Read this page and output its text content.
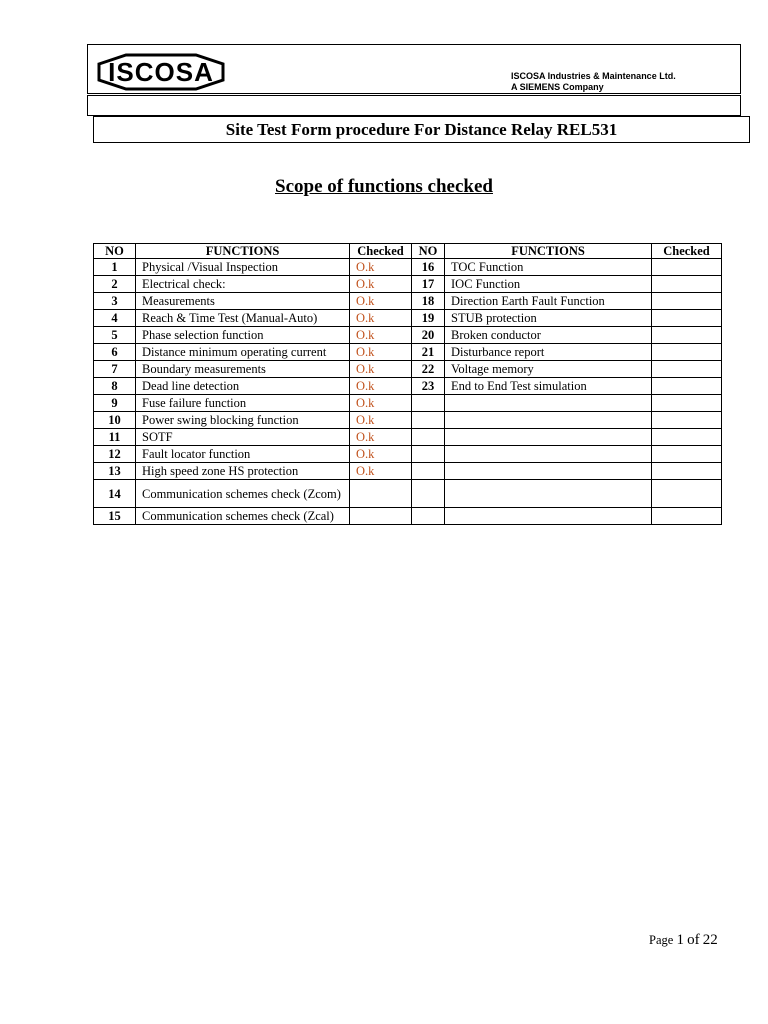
ISCOSA	ISCOSA Industries & Maintenance Ltd.
A SIEMENS Company
Site Test Form procedure For Distance Relay REL531
Scope of functions checked
NO	FUNCTIONS	Checked	NO	FUNCTIONS	Checked
1	Physical /Visual Inspection	O.k	16	TOC Function	
2	Electrical check:	O.k	17	IOC Function	
3	Measurements	O.k	18	Direction Earth Fault Function	
4	Reach & Time Test (Manual-Auto)	O.k	19	STUB protection	
5	Phase selection function	O.k	20	Broken conductor	
6	Distance minimum operating current	O.k	21	Disturbance report	
7	Boundary measurements	O.k	22	Voltage memory	
8	Dead line detection	O.k	23	End to End Test simulation	
9	Fuse failure function	O.k			
10	Power swing blocking function	O.k			
11	SOTF	O.k			
12	Fault locator function	O.k			
13	High speed zone HS protection	O.k			
14	Communication schemes check (Zcom)				
15	Communication schemes check (Zcal)				
Page 1 of 22
